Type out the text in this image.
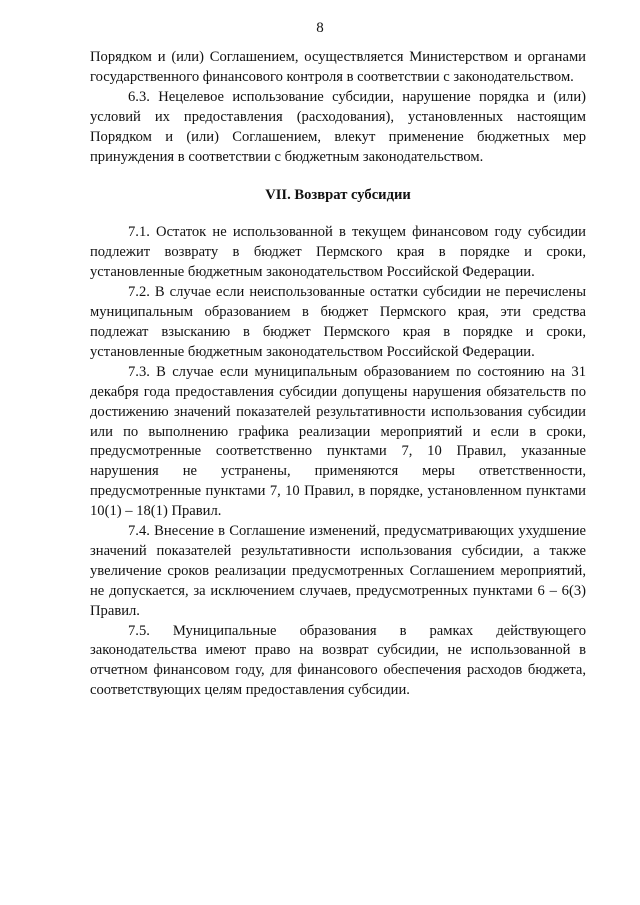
8

Порядком и (или) Соглашением, осуществляется Министерством и органами государственного финансового контроля в соответствии с законодательством.

6.3. Нецелевое использование субсидии, нарушение порядка и (или) условий их предоставления (расходования), установленных настоящим Порядком и (или) Соглашением, влекут применение бюджетных мер принуждения в соответствии с бюджетным законодательством.

VII. Возврат субсидии

7.1. Остаток не использованной в текущем финансовом году субсидии подлежит возврату в бюджет Пермского края в порядке и сроки, установленные бюджетным законодательством Российской Федерации.

7.2. В случае если неиспользованные остатки субсидии не перечислены муниципальным образованием в бюджет Пермского края, эти средства подлежат взысканию в бюджет Пермского края в порядке и сроки, установленные бюджетным законодательством Российской Федерации.

7.3. В случае если муниципальным образованием по состоянию на 31 декабря года предоставления субсидии допущены нарушения обязательств по достижению значений показателей результативности использования субсидии или по выполнению графика реализации мероприятий и если в сроки, предусмотренные соответственно пунктами 7, 10 Правил, указанные нарушения не устранены, применяются меры ответственности, предусмотренные пунктами 7, 10 Правил, в порядке, установленном пунктами 10(1) – 18(1) Правил.

7.4. Внесение в Соглашение изменений, предусматривающих ухудшение значений показателей результативности использования субсидии, а также увеличение сроков реализации предусмотренных Соглашением мероприятий, не допускается, за исключением случаев, предусмотренных пунктами 6 – 6(3) Правил.

7.5. Муниципальные образования в рамках действующего законодательства имеют право на возврат субсидии, не использованной в отчетном финансовом году, для финансового обеспечения расходов бюджета, соответствующих целям предоставления субсидии.
